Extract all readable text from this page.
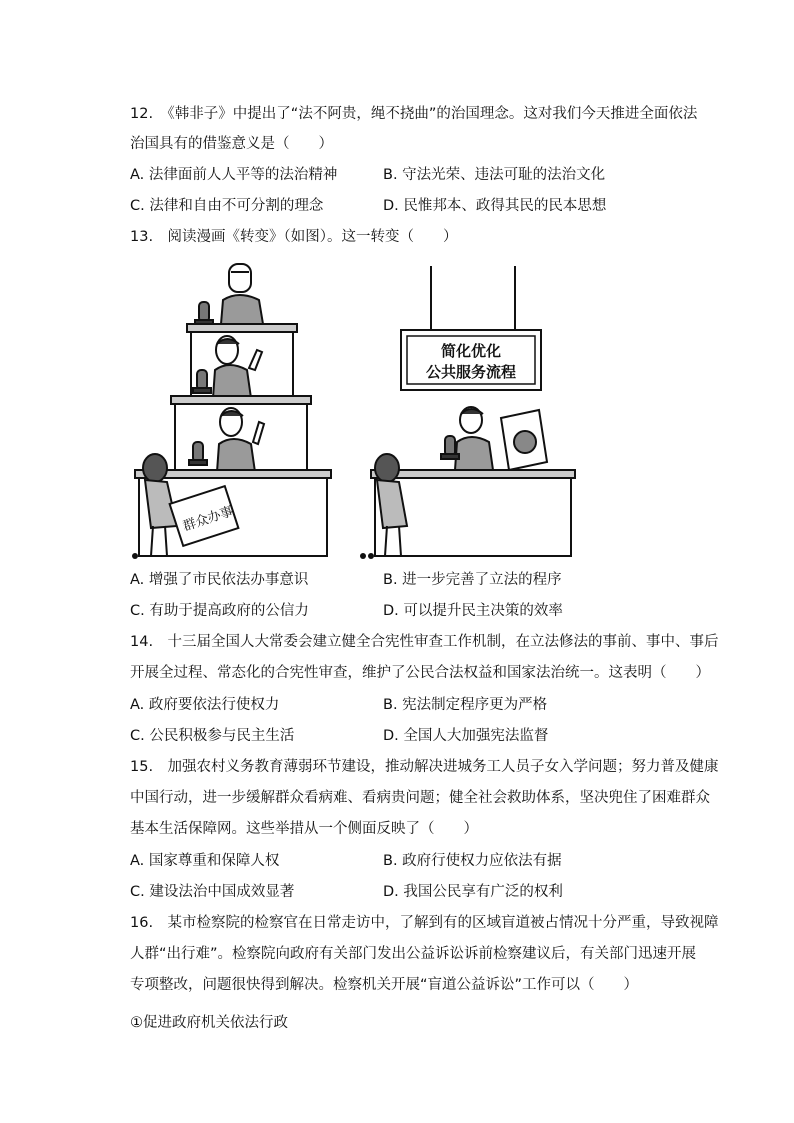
12.　《韩非子》中提出了“法不阿贵，绳不挠曲”的治国理念。这对我们今天推进全面依法
治国具有的借鉴意义是（　　）
A. 法律面前人人平等的法治精神	B. 守法光荣、违法可耻的法治文化
C. 法律和自由不可分割的理念	D. 民惟邦本、政得其民的民本思想
13.　阅读漫画《转变》（如图）。这一转变（　　）
群众办事
简化优化
公共服务流程
A. 增强了市民依法办事意识	B. 进一步完善了立法的程序
C. 有助于提高政府的公信力	D. 可以提升民主决策的效率
14.　十三届全国人大常委会建立健全合宪性审查工作机制，在立法修法的事前、事中、事后
开展全过程、常态化的合宪性审查，维护了公民合法权益和国家法治统一。这表明（　　）
A. 政府要依法行使权力	B. 宪法制定程序更为严格
C. 公民积极参与民主生活	D. 全国人大加强宪法监督
15.　加强农村义务教育薄弱环节建设，推动解决进城务工人员子女入学问题；努力普及健康
中国行动，进一步缓解群众看病难、看病贵问题；健全社会救助体系，坚决兜住了困难群众
基本生活保障网。这些举措从一个侧面反映了（　　）
A. 国家尊重和保障人权	B. 政府行使权力应依法有据
C. 建设法治中国成效显著	D. 我国公民享有广泛的权利
16.　某市检察院的检察官在日常走访中，了解到有的区域盲道被占情况十分严重，导致视障
人群“出行难”。检察院向政府有关部门发出公益诉讼诉前检察建议后，有关部门迅速开展
专项整改，问题很快得到解决。检察机关开展“盲道公益诉讼”工作可以（　　）
①促进政府机关依法行政
